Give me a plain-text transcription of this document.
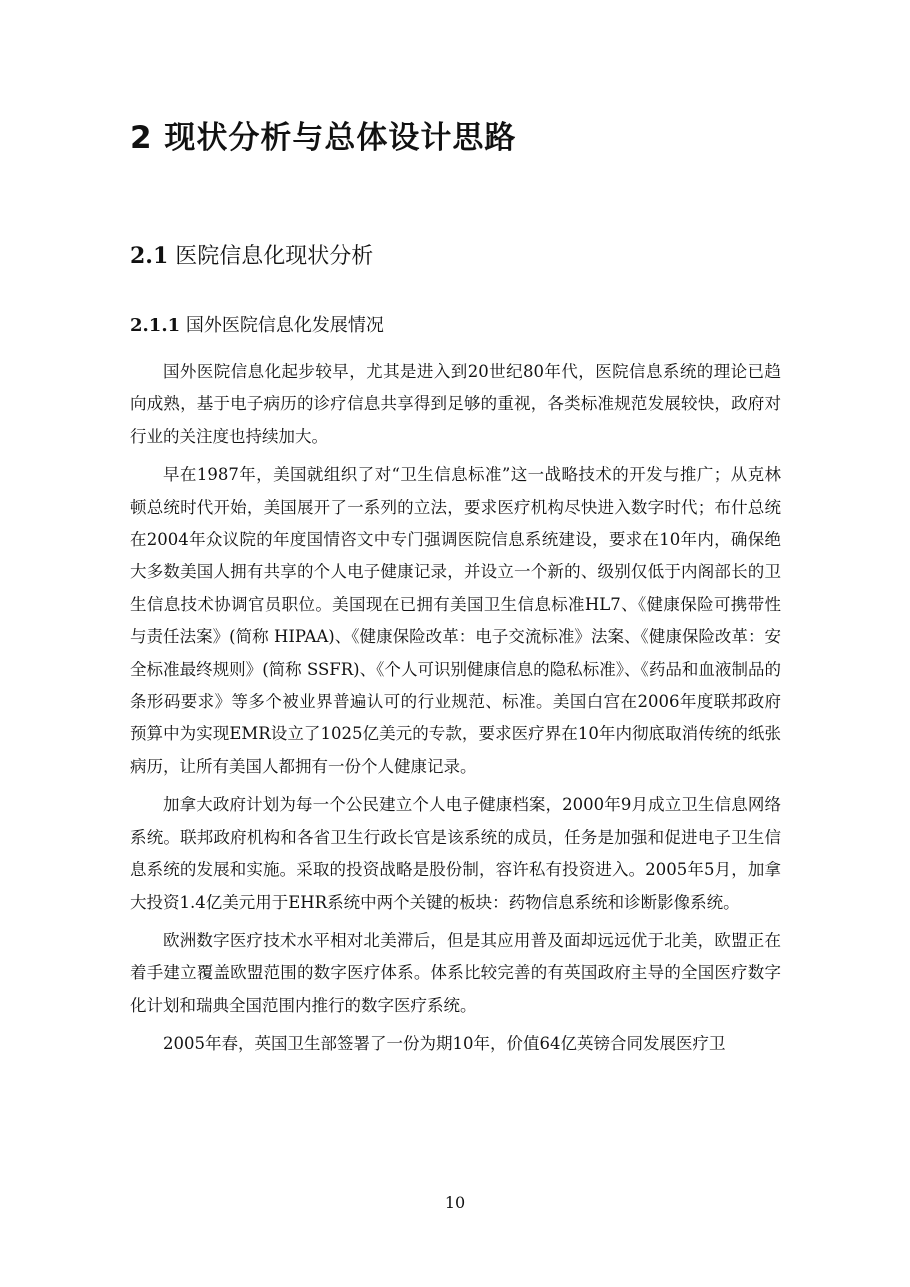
2 现状分析与总体设计思路
2.1 医院信息化现状分析
2.1.1 国外医院信息化发展情况

国外医院信息化起步较早，尤其是进入到20世纪80年代，医院信息系统的理论已趋向成熟，基于电子病历的诊疗信息共享得到足够的重视，各类标准规范发展较快，政府对行业的关注度也持续加大。

早在1987年，美国就组织了对“卫生信息标准”这一战略技术的开发与推广；从克林顿总统时代开始，美国展开了一系列的立法，要求医疗机构尽快进入数字时代；布什总统在2004年众议院的年度国情咨文中专门强调医院信息系统建设，要求在10年内，确保绝大多数美国人拥有共享的个人电子健康记录，并设立一个新的、级别仅低于内阁部长的卫生信息技术协调官员职位。美国现在已拥有美国卫生信息标准HL7、《健康保险可携带性与责任法案》(简称 HIPAA)、《健康保险改革：电子交流标准》法案、《健康保险改革：安全标准最终规则》(简称 SSFR)、《个人可识别健康信息的隐私标准》、《药品和血液制品的条形码要求》等多个被业界普遍认可的行业规范、标准。美国白宫在2006年度联邦政府预算中为实现EMR设立了1025亿美元的专款，要求医疗界在10年内彻底取消传统的纸张病历，让所有美国人都拥有一份个人健康记录。

加拿大政府计划为每一个公民建立个人电子健康档案，2000年9月成立卫生信息网络系统。联邦政府机构和各省卫生行政长官是该系统的成员，任务是加强和促进电子卫生信息系统的发展和实施。采取的投资战略是股份制，容许私有投资进入。2005年5月，加拿大投资1.4亿美元用于EHR系统中两个关键的板块：药物信息系统和诊断影像系统。

欧洲数字医疗技术水平相对北美滞后，但是其应用普及面却远远优于北美，欧盟正在着手建立覆盖欧盟范围的数字医疗体系。体系比较完善的有英国政府主导的全国医疗数字化计划和瑞典全国范围内推行的数字医疗系统。

2005年春，英国卫生部签署了一份为期10年，价值64亿英镑合同发展医疗卫

10
